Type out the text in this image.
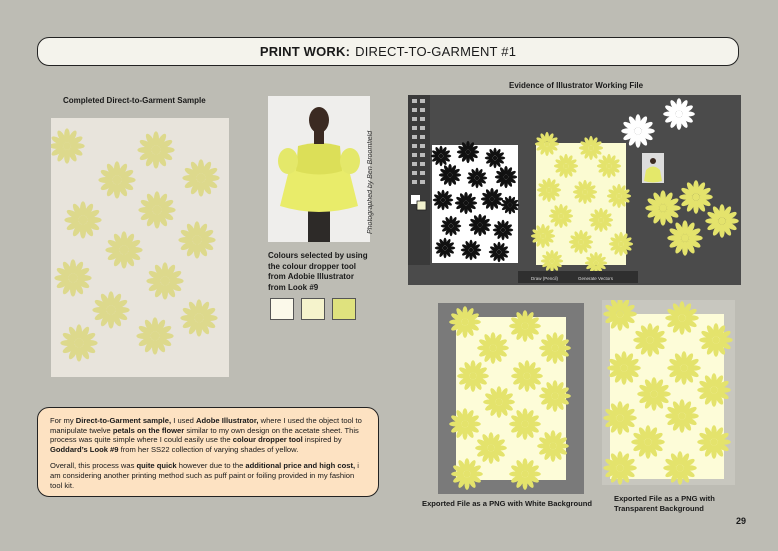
PRINT WORK: DIRECT-TO-GARMENT #1
Completed Direct-to-Garment Sample
Photographed by Ben Broomfield
Colours selected by using
the colour dropper tool
from Adobie Illustrator
from Look #9
Evidence of Illustrator Working File
Draw (Pencil)	Generate Vectors

For my Direct-to-Garment sample, I used Adobe Illustrator, where I used the object tool to manipulate twelve petals on the flower similar to my own design on the acetate sheet. This process was quite simple where I could easily use the colour dropper tool inspired by Goddard’s Look #9 from her SS22 collection of varying shades of yellow.

Overall, this process was quite quick however due to the additional price and high cost, i am considering another printing method such as puff paint or foiling provided in my fashion tool kit.

Exported File as a PNG with White Background
Exported File as a PNG with
Transparent Background
29
